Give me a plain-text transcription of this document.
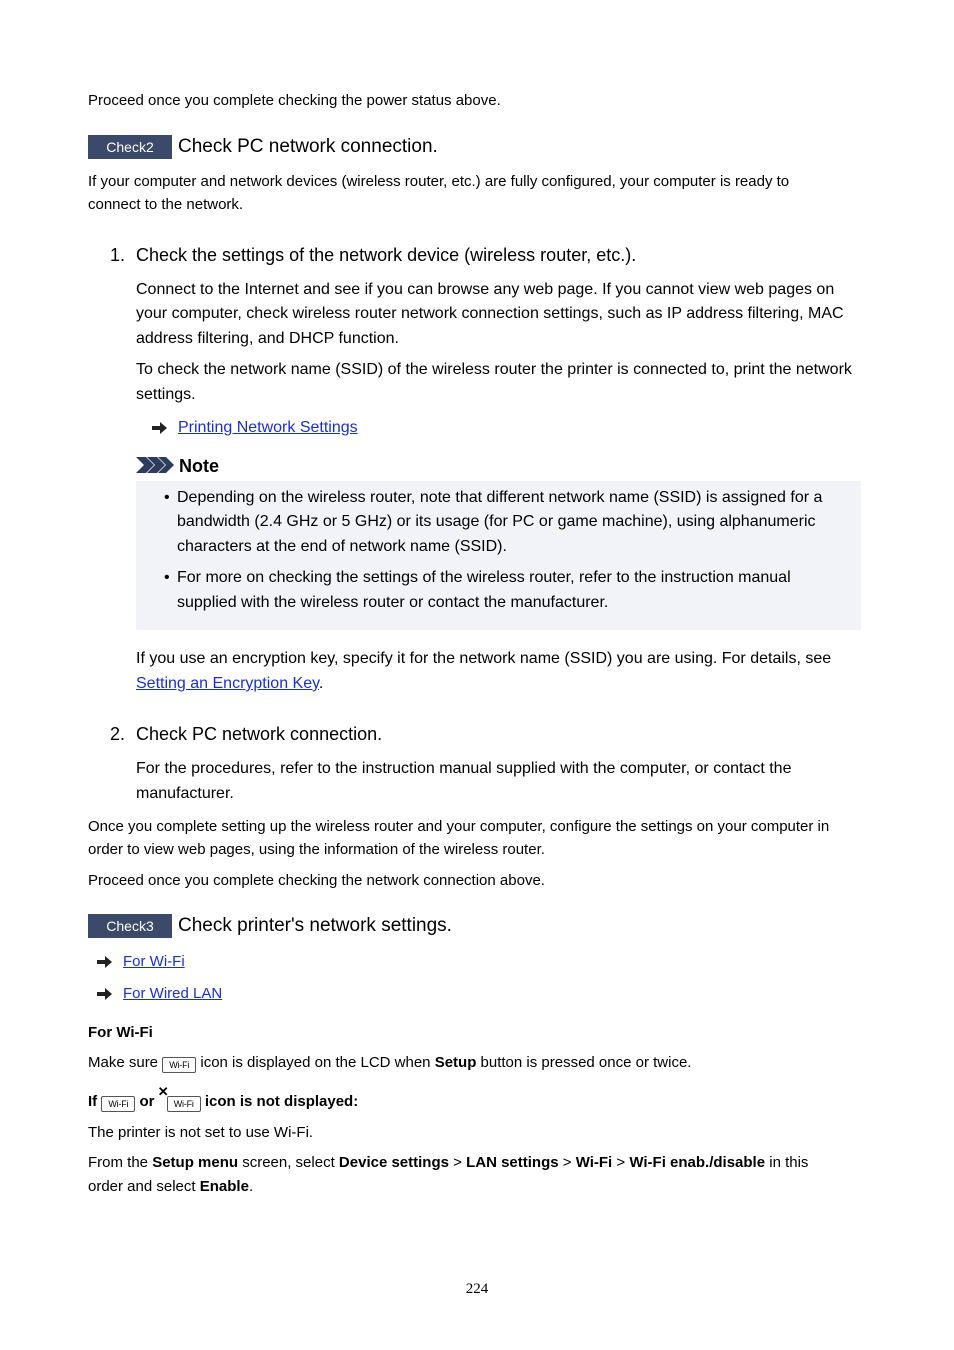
Proceed once you complete checking the power status above.

Check2	Check PC network connection.

If your computer and network devices (wireless router, etc.) are fully configured, your computer is ready to

connect to the network.

1. Check the settings of the network device (wireless router, etc.).

Connect to the Internet and see if you can browse any web page. If you cannot view web pages on

your computer, check wireless router network connection settings, such as IP address filtering, MAC

address filtering, and DHCP function.

To check the network name (SSID) of the wireless router the printer is connected to, print the network

settings.

Printing Network Settings
Note
• Depending on the wireless router, note that different network name (SSID) is assigned for a

bandwidth (2.4 GHz or 5 GHz) or its usage (for PC or game machine), using alphanumeric

characters at the end of network name (SSID).

• For more on checking the settings of the wireless router, refer to the instruction manual

supplied with the wireless router or contact the manufacturer.

If you use an encryption key, specify it for the network name (SSID) you are using. For details, see

Setting an Encryption Key.

2. Check PC network connection.

For the procedures, refer to the instruction manual supplied with the computer, or contact the

manufacturer.

Once you complete setting up the wireless router and your computer, configure the settings on your computer in

order to view web pages, using the information of the wireless router.

Proceed once you complete checking the network connection above.

Check3	Check printer's network settings.
For Wi-Fi
For Wired LAN

For Wi-Fi

Make sure Wi-Fi icon is displayed on the LCD when Setup button is pressed once or twice.

If Wi-Fi or
✕
Wi-Fi icon is not displayed:

The printer is not set to use Wi-Fi.

From the Setup menu screen, select Device settings > LAN settings > Wi-Fi > Wi-Fi enab./disable in this

order and select Enable.

224
